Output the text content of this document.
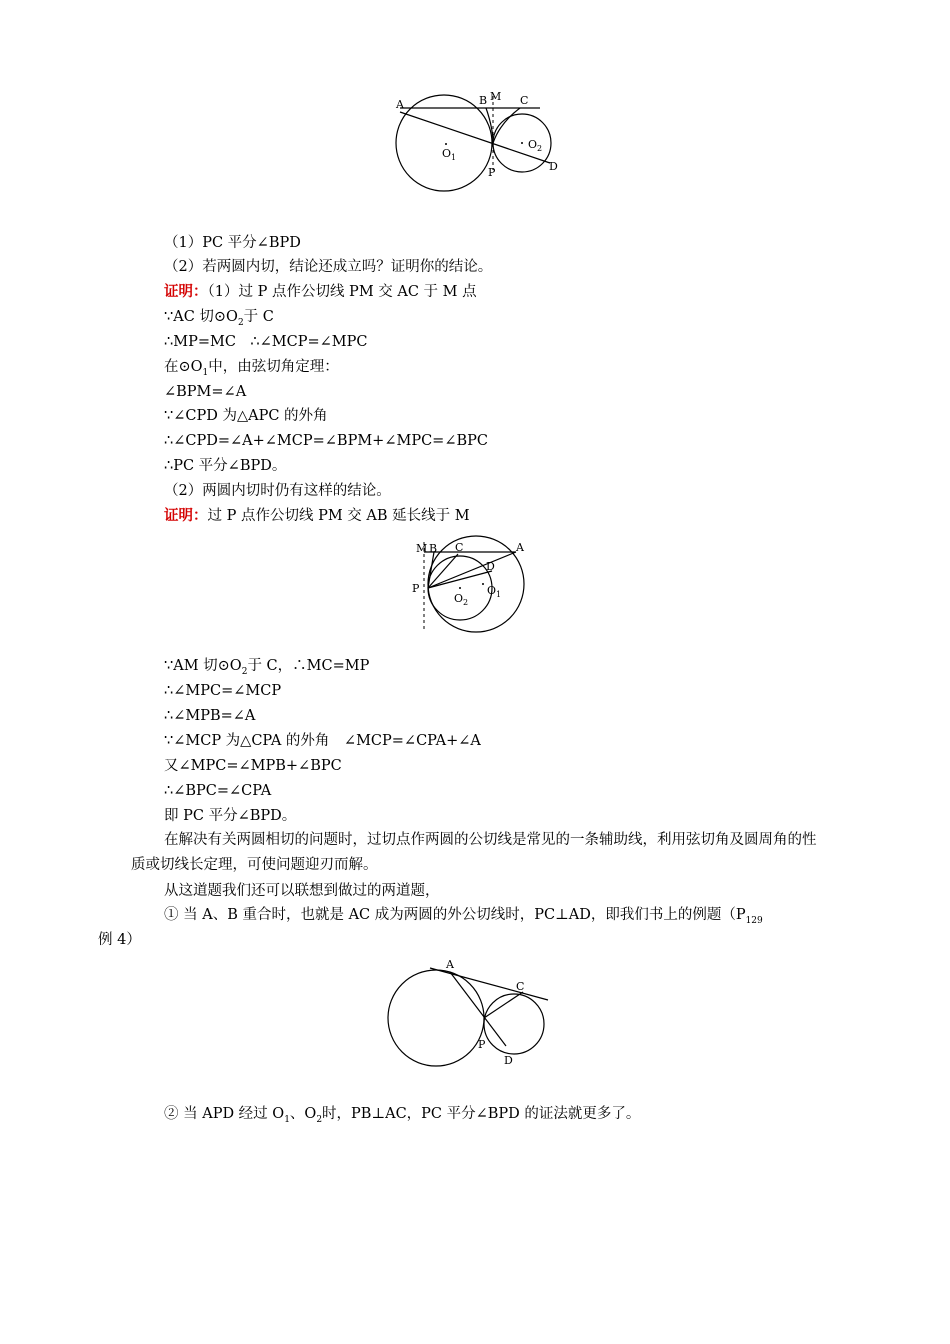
A	B M C
$O_1$
$O_2$
D
P
（1）PC 平分∠BPD
（2）若两圆内切，结论还成立吗？证明你的结论。
证明：（1）过 P 点作公切线 PM 交 AC 于 M 点
∵AC 切$⊙O_2$于 C
∴MP=MC　∴∠MCP=∠MPC
在$⊙O_1$中，由弦切角定理：
∠BPM=∠A
∵∠CPD 为△APC 的外角
∴∠CPD=∠A+∠MCP=∠BPM+∠MPC=∠BPC
∴PC 平分∠BPD。
（2）两圆内切时仍有这样的结论。
证明：过 P 点作公切线 PM 交 AB 延长线于 M
M B C	A
D
P
$O_2$
$O_1$
∵AM 切$⊙O_2$于 C，∴MC=MP
∴∠MPC=∠MCP
∴∠MPB=∠A
∵∠MCP 为△CPA 的外角　∠MCP=∠CPA+∠A
又∠MPC=∠MPB+∠BPC
∴∠BPC=∠CPA
即 PC 平分∠BPD。
在解决有关两圆相切的问题时，过切点作两圆的公切线是常见的一条辅助线，利用弦切角及圆周角的性质或切线长定理，可使问题迎刃而解。
从这道题我们还可以联想到做过的两道题，
① 当 A、B 重合时，也就是 AC 成为两圆的外公切线时，PC⊥AD，即我们书上的例题（$P_{129}$
例 4）
A
C
P
D
② 当 APD 经过 $O_1$、$O_2$时，PB⊥AC，PC 平分∠BPD 的证法就更多了。
